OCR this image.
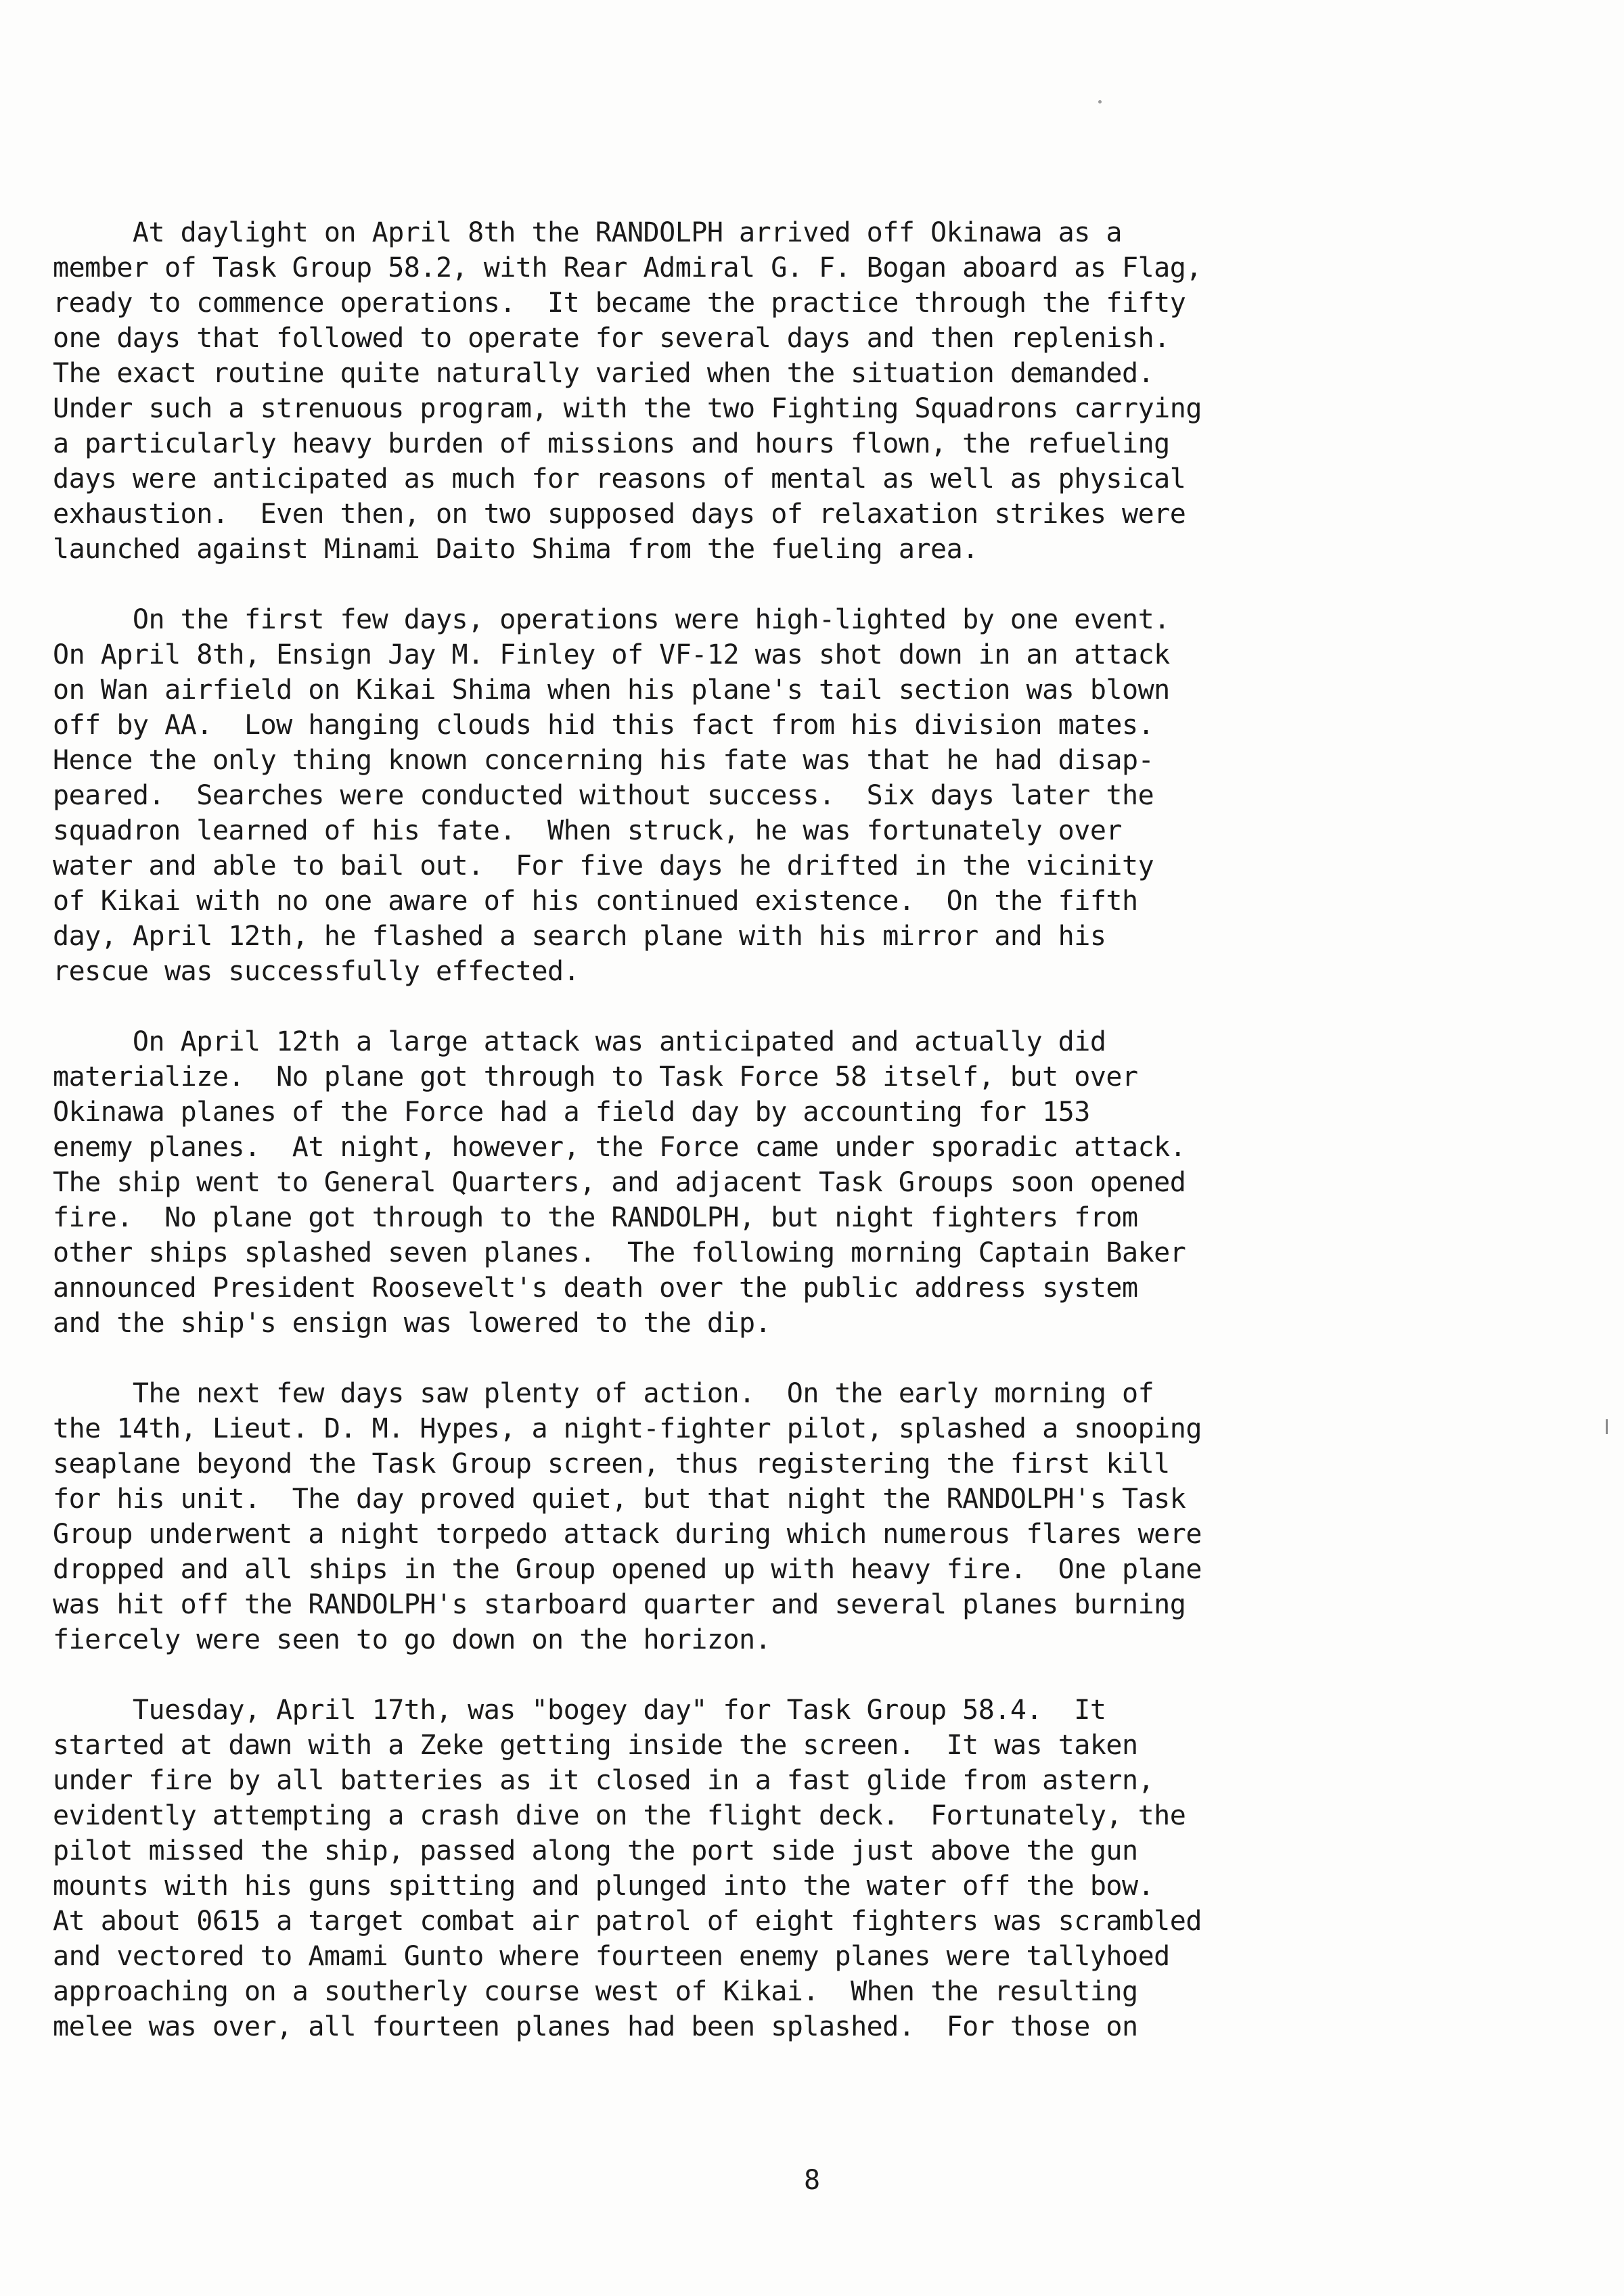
At daylight on April 8th the RANDOLPH arrived off Okinawa as a
member of Task Group 58.2, with Rear Admiral G. F. Bogan aboard as Flag,
ready to commence operations.  It became the practice through the fifty
one days that followed to operate for several days and then replenish.
The exact routine quite naturally varied when the situation demanded.
Under such a strenuous program, with the two Fighting Squadrons carrying
a particularly heavy burden of missions and hours flown, the refueling
days were anticipated as much for reasons of mental as well as physical
exhaustion.  Even then, on two supposed days of relaxation strikes were
launched against Minami Daito Shima from the fueling area.
On the first few days, operations were high-lighted by one event.
On April 8th, Ensign Jay M. Finley of VF-12 was shot down in an attack
on Wan airfield on Kikai Shima when his plane's tail section was blown
off by AA.  Low hanging clouds hid this fact from his division mates.
Hence the only thing known concerning his fate was that he had disap-
peared.  Searches were conducted without success.  Six days later the
squadron learned of his fate.  When struck, he was fortunately over
water and able to bail out.  For five days he drifted in the vicinity
of Kikai with no one aware of his continued existence.  On the fifth
day, April 12th, he flashed a search plane with his mirror and his
rescue was successfully effected.
On April 12th a large attack was anticipated and actually did
materialize.  No plane got through to Task Force 58 itself, but over
Okinawa planes of the Force had a field day by accounting for 153
enemy planes.  At night, however, the Force came under sporadic attack.
The ship went to General Quarters, and adjacent Task Groups soon opened
fire.  No plane got through to the RANDOLPH, but night fighters from
other ships splashed seven planes.  The following morning Captain Baker
announced President Roosevelt's death over the public address system
and the ship's ensign was lowered to the dip.
The next few days saw plenty of action.  On the early morning of
the 14th, Lieut. D. M. Hypes, a night-fighter pilot, splashed a snooping
seaplane beyond the Task Group screen, thus registering the first kill
for his unit.  The day proved quiet, but that night the RANDOLPH's Task
Group underwent a night torpedo attack during which numerous flares were
dropped and all ships in the Group opened up with heavy fire.  One plane
was hit off the RANDOLPH's starboard quarter and several planes burning
fiercely were seen to go down on the horizon.
Tuesday, April 17th, was "bogey day" for Task Group 58.4.  It
started at dawn with a Zeke getting inside the screen.  It was taken
under fire by all batteries as it closed in a fast glide from astern,
evidently attempting a crash dive on the flight deck.  Fortunately, the
pilot missed the ship, passed along the port side just above the gun
mounts with his guns spitting and plunged into the water off the bow.
At about 0615 a target combat air patrol of eight fighters was scrambled
and vectored to Amami Gunto where fourteen enemy planes were tallyhoed
approaching on a southerly course west of Kikai.  When the resulting
melee was over, all fourteen planes had been splashed.  For those on
8
